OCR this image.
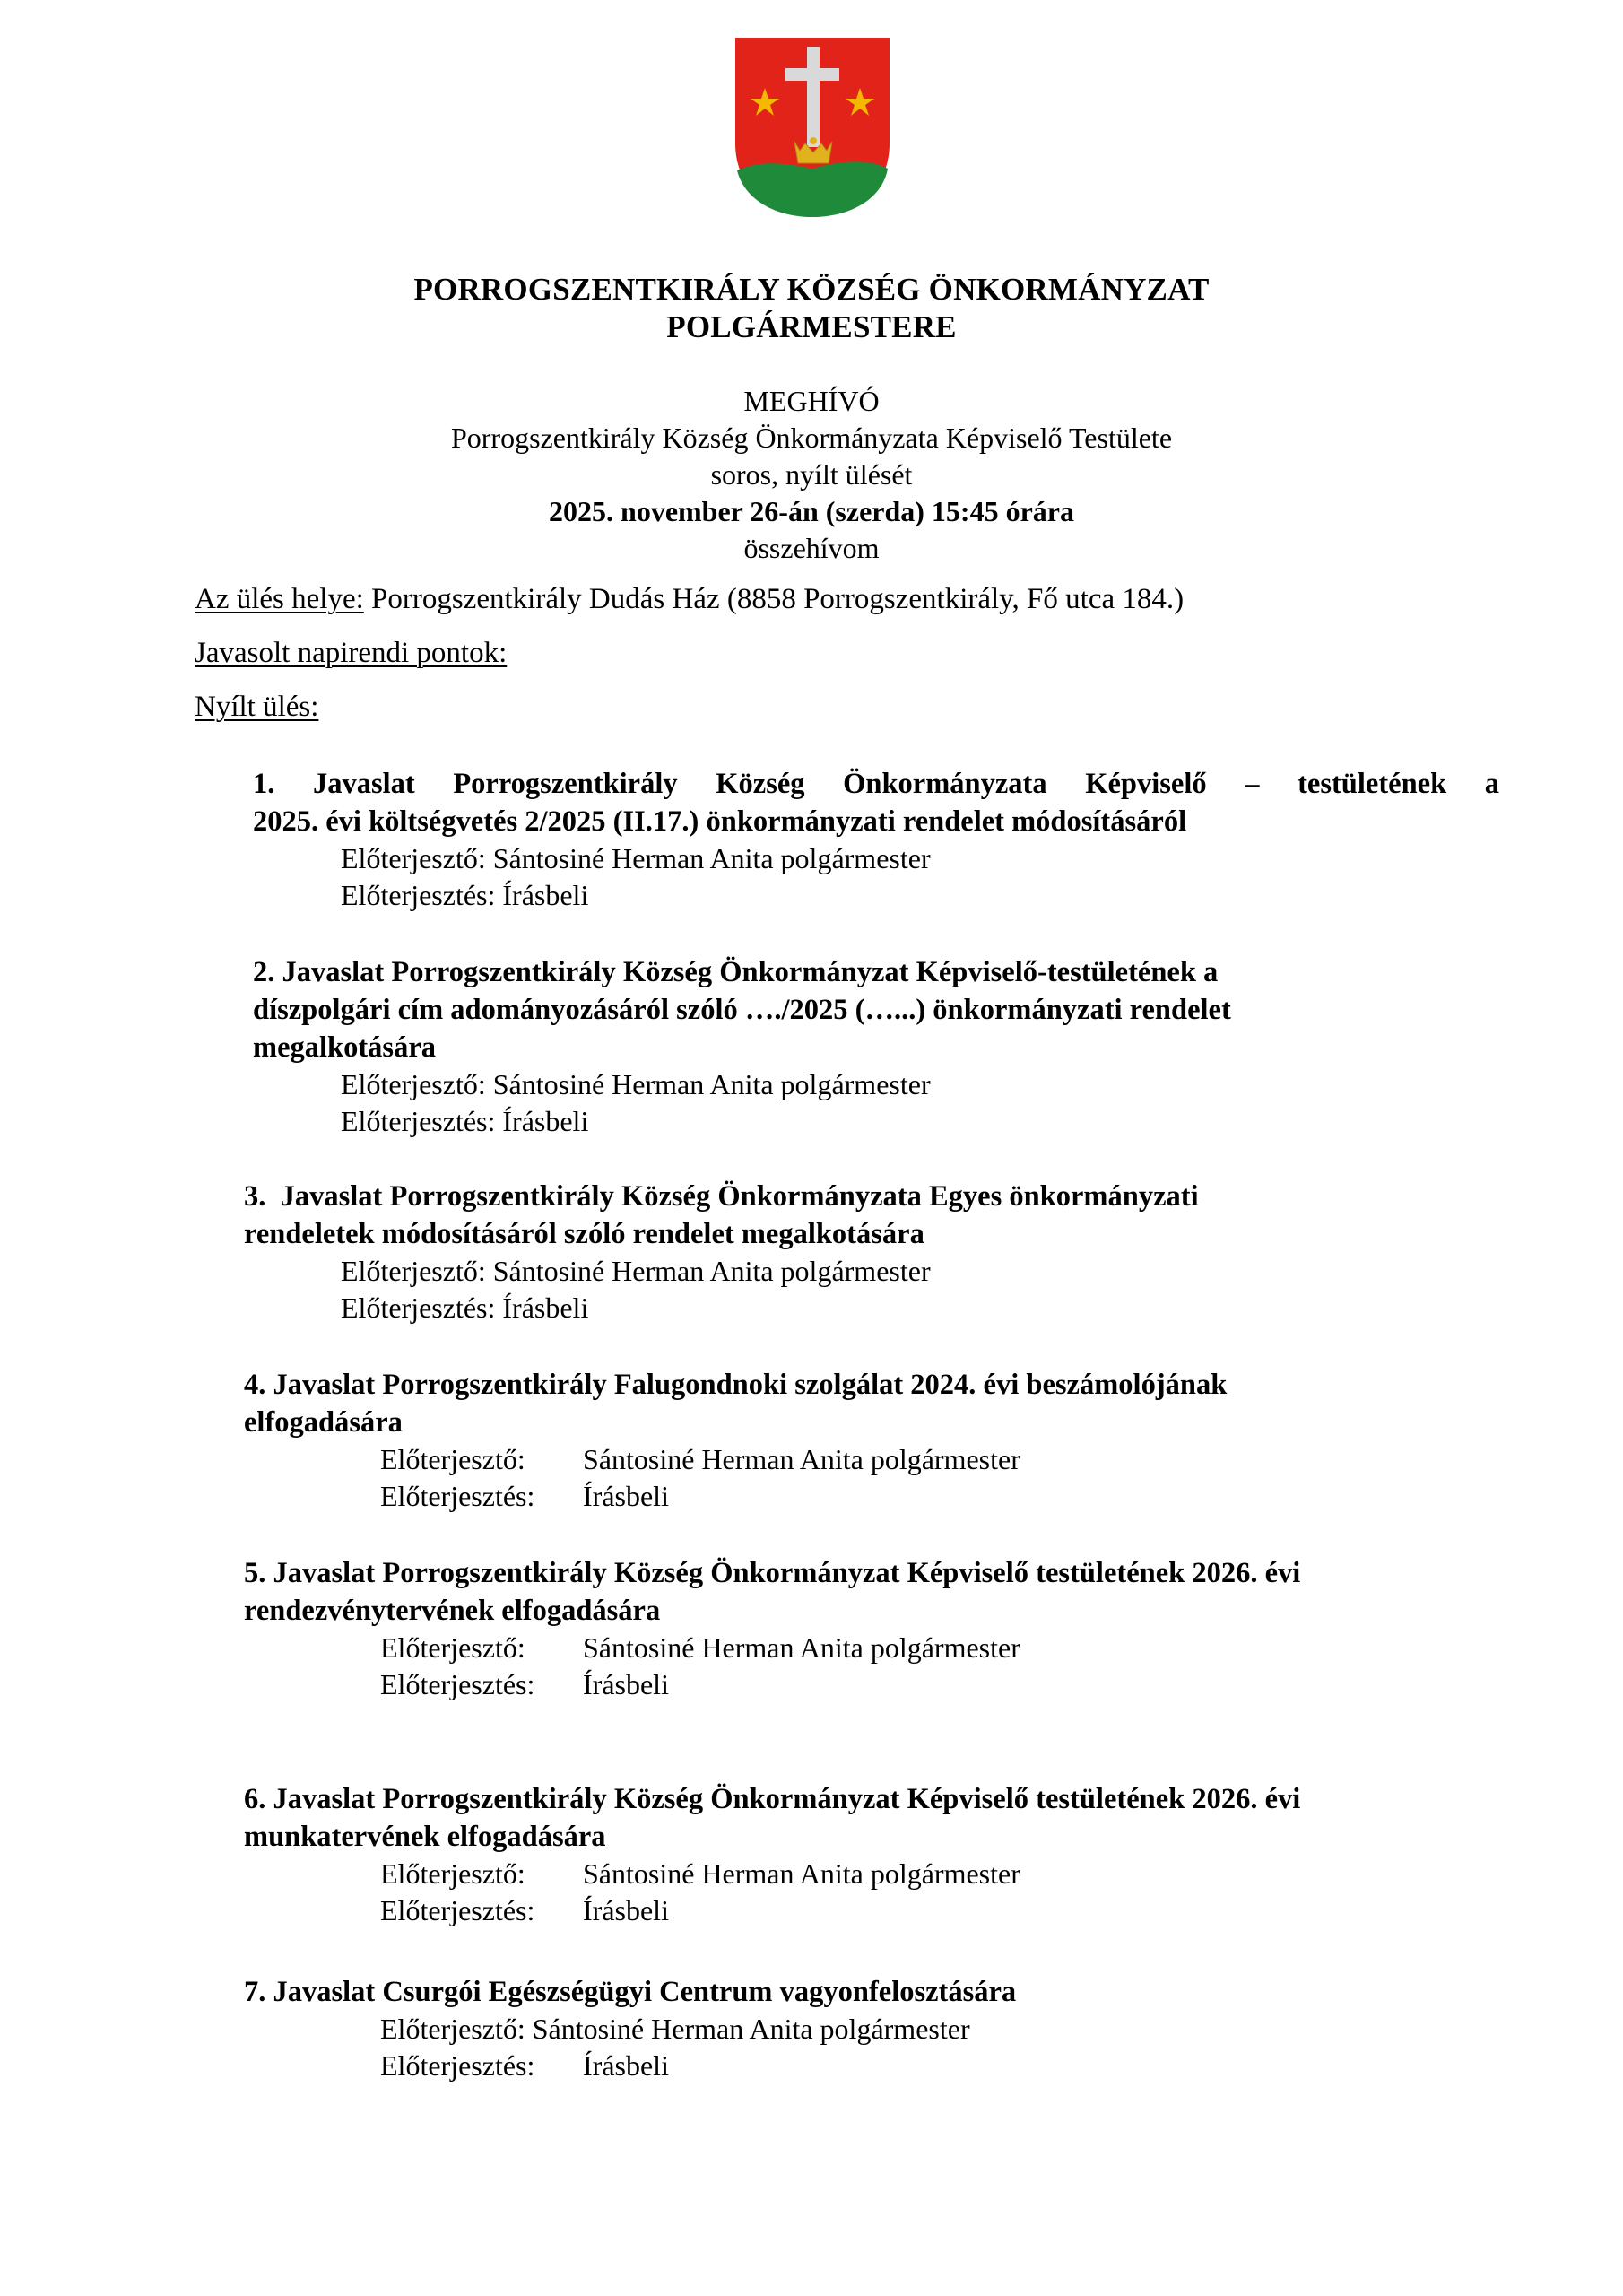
PORROGSZENTKIRÁLY KÖZSÉG ÖNKORMÁNYZAT
POLGÁRMESTERE
MEGHÍVÓ
Porrogszentkirály Község Önkormányzata Képviselő Testülete
soros, nyílt ülését
2025. november 26-án (szerda) 15:45 órára
összehívom
Az ülés helye: Porrogszentkirály Dudás Ház (8858 Porrogszentkirály, Fő utca 184.)
Javasolt napirendi pontok:
Nyílt ülés:
1. Javaslat Porrogszentkirály Község Önkormányzata Képviselő – testületének a
2025. évi költségvetés 2/2025 (II.17.) önkormányzati rendelet módosításáról
Előterjesztő: Sántosiné Herman Anita polgármester
Előterjesztés: Írásbeli
2. Javaslat Porrogszentkirály Község Önkormányzat Képviselő-testületének a
díszpolgári cím adományozásáról szóló …./2025 (…...) önkormányzati rendelet
megalkotására
Előterjesztő: Sántosiné Herman Anita polgármester
Előterjesztés: Írásbeli
3.  Javaslat Porrogszentkirály Község Önkormányzata Egyes önkormányzati
rendeletek módosításáról szóló rendelet megalkotására
Előterjesztő: Sántosiné Herman Anita polgármester
Előterjesztés: Írásbeli
4. Javaslat Porrogszentkirály Falugondnoki szolgálat 2024. évi beszámolójának
elfogadására
Előterjesztő:	Sántosiné Herman Anita polgármester
Előterjesztés:	Írásbeli
5. Javaslat Porrogszentkirály Község Önkormányzat Képviselő testületének 2026. évi
rendezvénytervének elfogadására
Előterjesztő:	Sántosiné Herman Anita polgármester
Előterjesztés:	Írásbeli
6. Javaslat Porrogszentkirály Község Önkormányzat Képviselő testületének 2026. évi
munkatervének elfogadására
Előterjesztő:	Sántosiné Herman Anita polgármester
Előterjesztés:	Írásbeli
7. Javaslat Csurgói Egészségügyi Centrum vagyonfelosztására
Előterjesztő: Sántosiné Herman Anita polgármester
Előterjesztés:	Írásbeli
